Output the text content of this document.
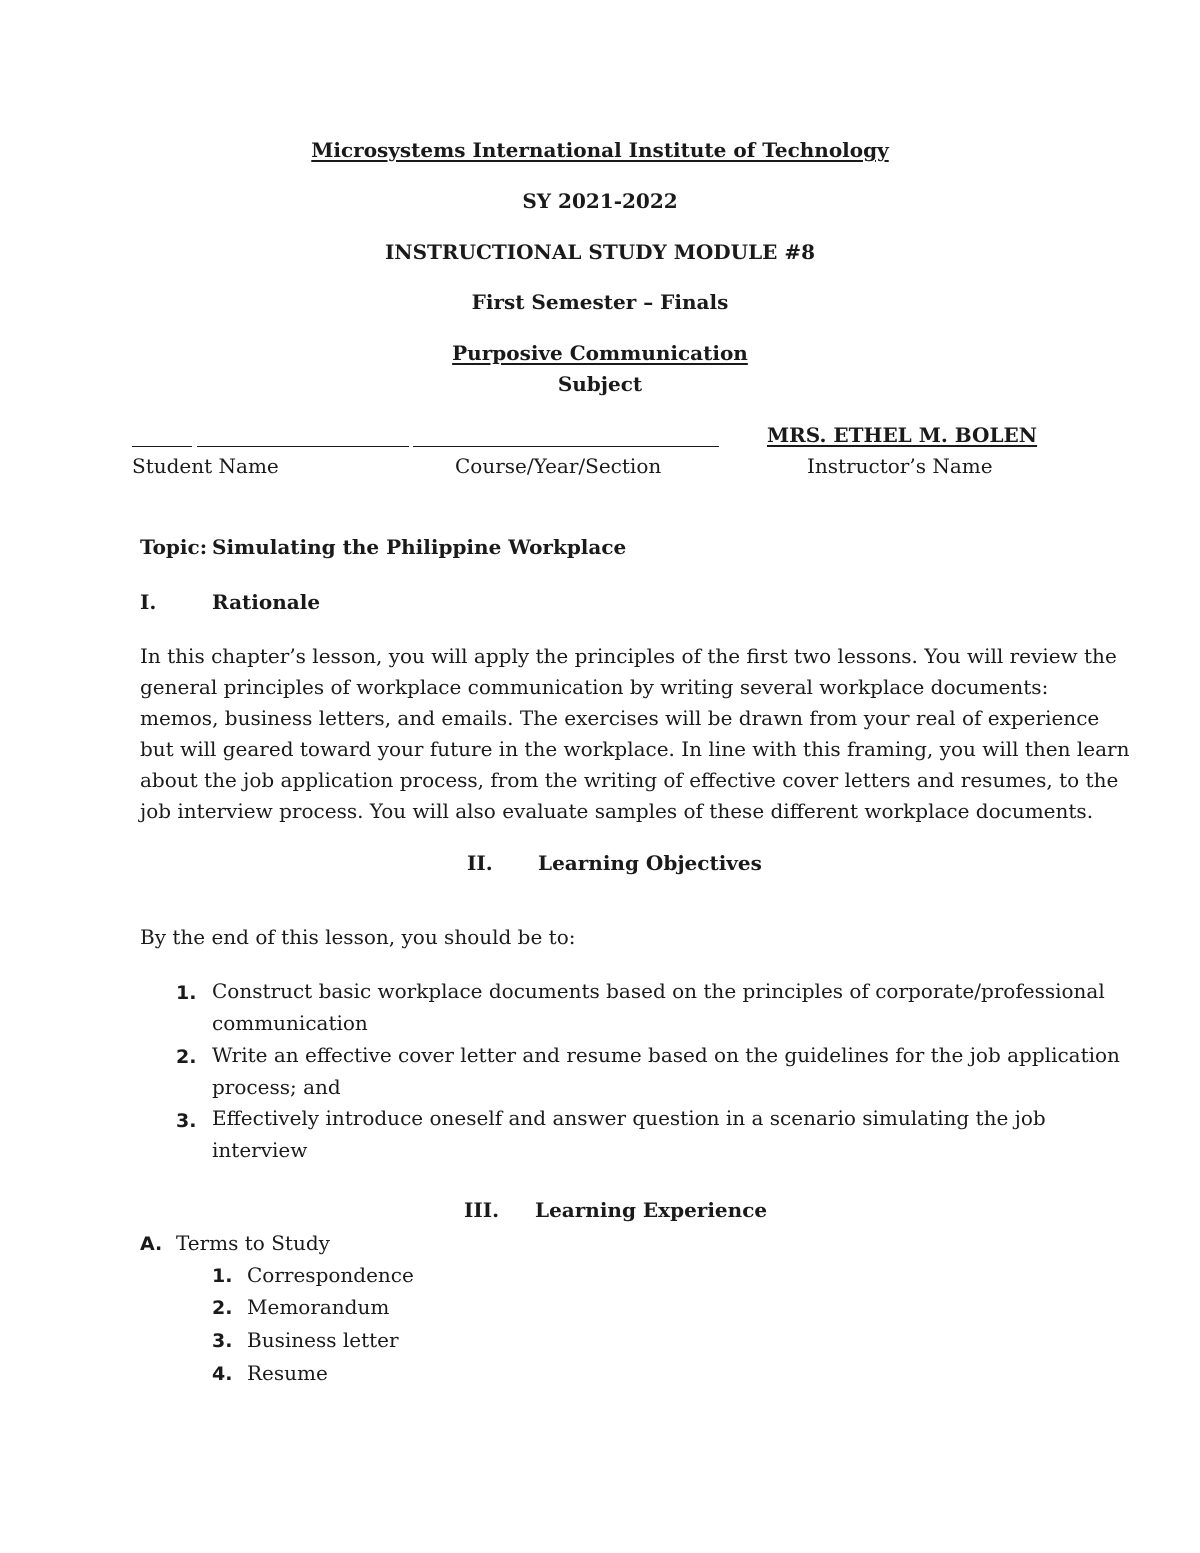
Microsystems International Institute of Technology
SY 2021-2022
INSTRUCTIONAL STUDY MODULE #8
First Semester – Finals
Purposive Communication
Subject
MRS. ETHEL M. BOLEN
Student Name	Course/Year/Section	Instructor’s Name
Topic: Simulating the Philippine Workplace
I.	Rationale
In this chapter’s lesson, you will apply the principles of the first two lessons. You will review the
general principles of workplace communication by writing several workplace documents:
memos, business letters, and emails. The exercises will be drawn from your real of experience
but will geared toward your future in the workplace. In line with this framing, you will then learn
about the job application process, from the writing of effective cover letters and resumes, to the
job interview process. You will also evaluate samples of these different workplace documents.
II. Learning Objectives
By the end of this lesson, you should be to:
1. Construct basic workplace documents based on the principles of corporate/professional
communication
2. Write an effective cover letter and resume based on the guidelines for the job application
process; and
3. Effectively introduce oneself and answer question in a scenario simulating the job
interview
III. Learning Experience
A. Terms to Study
1. Correspondence
2. Memorandum
3. Business letter
4. Resume
